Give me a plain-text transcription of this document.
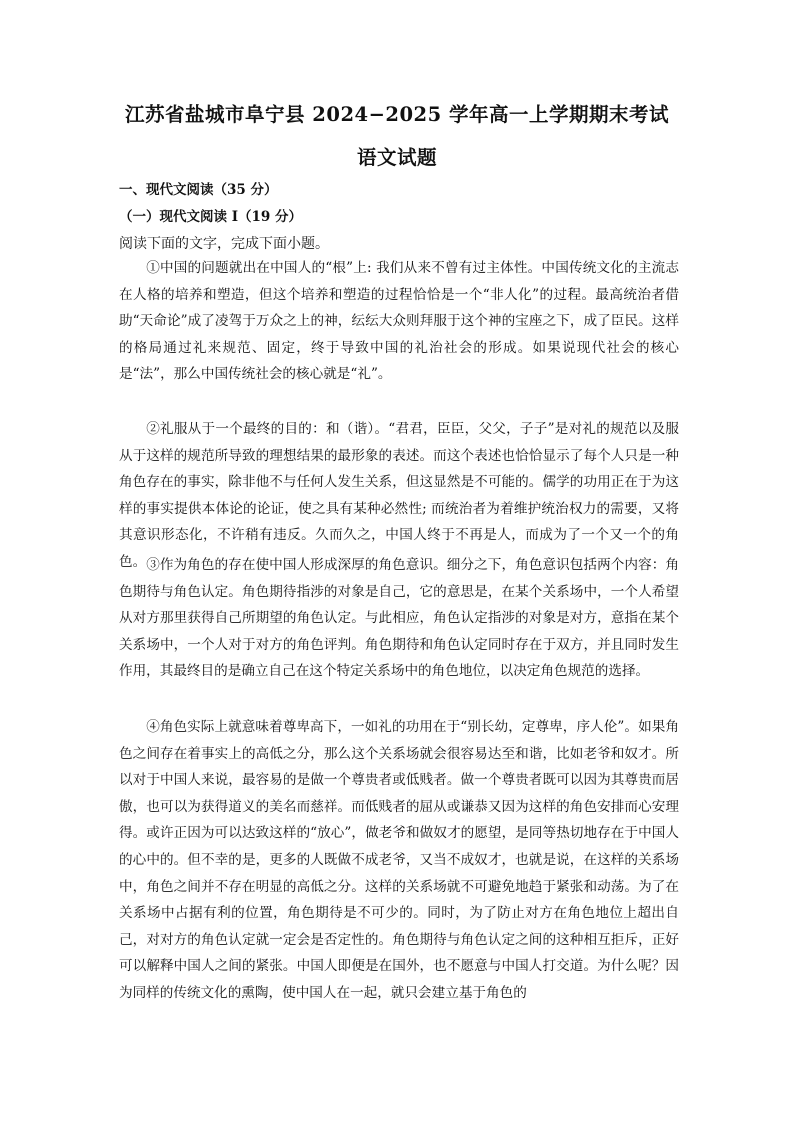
江苏省盐城市阜宁县 2024−2025 学年高一上学期期末考试
语文试题
一、现代文阅读（35 分）
（一）现代文阅读 I（19 分）
阅读下面的文字，完成下面小题。

①中国的问题就出在中国人的“根”上: 我们从来不曾有过主体性。中国传统文化的主流志在人格的培养和塑造，但这个培养和塑造的过程恰恰是一个“非人化”的过程。最高统治者借助“天命论”成了凌驾于万众之上的神，纭纭大众则拜服于这个神的宝座之下，成了臣民。这样的格局通过礼来规范、固定，终于导致中国的礼治社会的形成。如果说现代社会的核心是“法”，那么中国传统社会的核心就是“礼”。

②礼服从于一个最终的目的：和（谐）。“君君，臣臣，父父，子子”是对礼的规范以及服从于这样的规范所导致的理想结果的最形象的表述。而这个表述也恰恰显示了每个人只是一种角色存在的事实，除非他不与任何人发生关系，但这显然是不可能的。儒学的功用正在于为这样的事实提供本体论的论证，使之具有某种必然性; 而统治者为着维护统治权力的需要，又将其意识形态化，不许稍有违反。久而久之，中国人终于不再是人，而成为了一个又一个的角色。 ③作为角色的存在使中国人形成深厚的角色意识。细分之下，角色意识包括两个内容：角色期待与角色认定。角色期待指涉的对象是自己，它的意思是，在某个关系场中，一个人希望从对方那里获得自己所期望的角色认定。与此相应，角色认定指涉的对象是对方，意指在某个关系场中，一个人对于对方的角色评判。角色期待和角色认定同时存在于双方，并且同时发生作用，其最终目的是确立自己在这个特定关系场中的角色地位，以决定角色规范的选择。

④角色实际上就意味着尊卑高下，一如礼的功用在于“别长幼，定尊卑，序人伦”。如果角色之间存在着事实上的高低之分，那么这个关系场就会很容易达至和谐，比如老爷和奴才。所以对于中国人来说，最容易的是做一个尊贵者或低贱者。做一个尊贵者既可以因为其尊贵而居傲，也可以为获得道义的美名而慈祥。而低贱者的屈从或谦恭又因为这样的角色安排而心安理得。或许正因为可以达致这样的“放心”，做老爷和做奴才的愿望，是同等热切地存在于中国人的心中的。但不幸的是，更多的人既做不成老爷，又当不成奴才，也就是说，在这样的关系场中，角色之间并不存在明显的高低之分。这样的关系场就不可避免地趋于紧张和动荡。为了在关系场中占据有利的位置，角色期待是不可少的。同时，为了防止对方在角色地位上超出自己，对对方的角色认定就一定会是否定性的。角色期待与角色认定之间的这种相互拒斥，正好可以解释中国人之间的紧张。中国人即便是在国外，也不愿意与中国人打交道。为什么呢？因为同样的传统文化的熏陶，使中国人在一起，就只会建立基于角色的
